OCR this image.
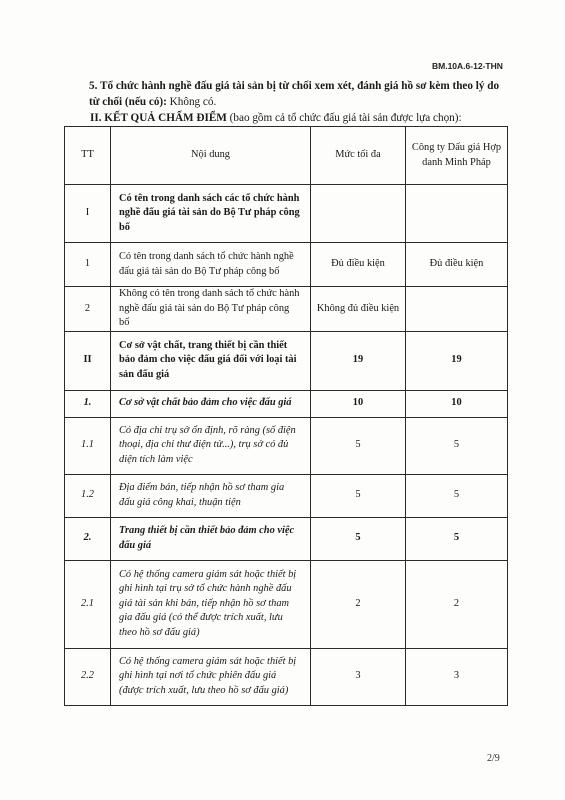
BM.10A.6-12-THN
5. Tổ chức hành nghề đấu giá tài sản bị từ chối xem xét, đánh giá hồ sơ kèm theo lý do từ chối (nếu có): Không có.
II. KẾT QUẢ CHẤM ĐIỂM (bao gồm cả tổ chức đấu giá tài sản được lựa chọn):
TT	Nội dung	Mức tối đa	Công ty Dấu giá Hợp danh Minh Pháp
I	Có tên trong danh sách các tổ chức hành nghề đấu giá tài sản do Bộ Tư pháp công bố		
1	Có tên trong danh sách tổ chức hành nghề đấu giá tài sản do Bộ Tư pháp công bố	Đủ điều kiện	Đủ điều kiện
2	Không có tên trong danh sách tổ chức hành nghề đấu giá tài sản do Bộ Tư pháp công bố	Không đủ điều kiện	
II	Cơ sở vật chất, trang thiết bị cần thiết bảo đảm cho việc đấu giá đối với loại tài sản đấu giá	19	19
1.	Cơ sở vật chất bảo đảm cho việc đấu giá	10	10
1.1	Có địa chỉ trụ sở ổn định, rõ ràng (số điện thoại, địa chỉ thư điện tử...), trụ sở có đủ diện tích làm việc	5	5
1.2	Địa điểm bán, tiếp nhận hồ sơ tham gia đấu giá công khai, thuận tiện	5	5
2.	Trang thiết bị cần thiết bảo đảm cho việc đấu giá	5	5
2.1	Có hệ thống camera giám sát hoặc thiết bị ghi hình tại trụ sở tổ chức hành nghề đấu giá tài sản khi bán, tiếp nhận hồ sơ tham gia đấu giá (có thể được trích xuất, lưu theo hồ sơ đấu giá)	2	2
2.2	Có hệ thống camera giám sát hoặc thiết bị ghi hình tại nơi tổ chức phiên đấu giá (được trích xuất, lưu theo hồ sơ đấu giá)	3	3
2/9
